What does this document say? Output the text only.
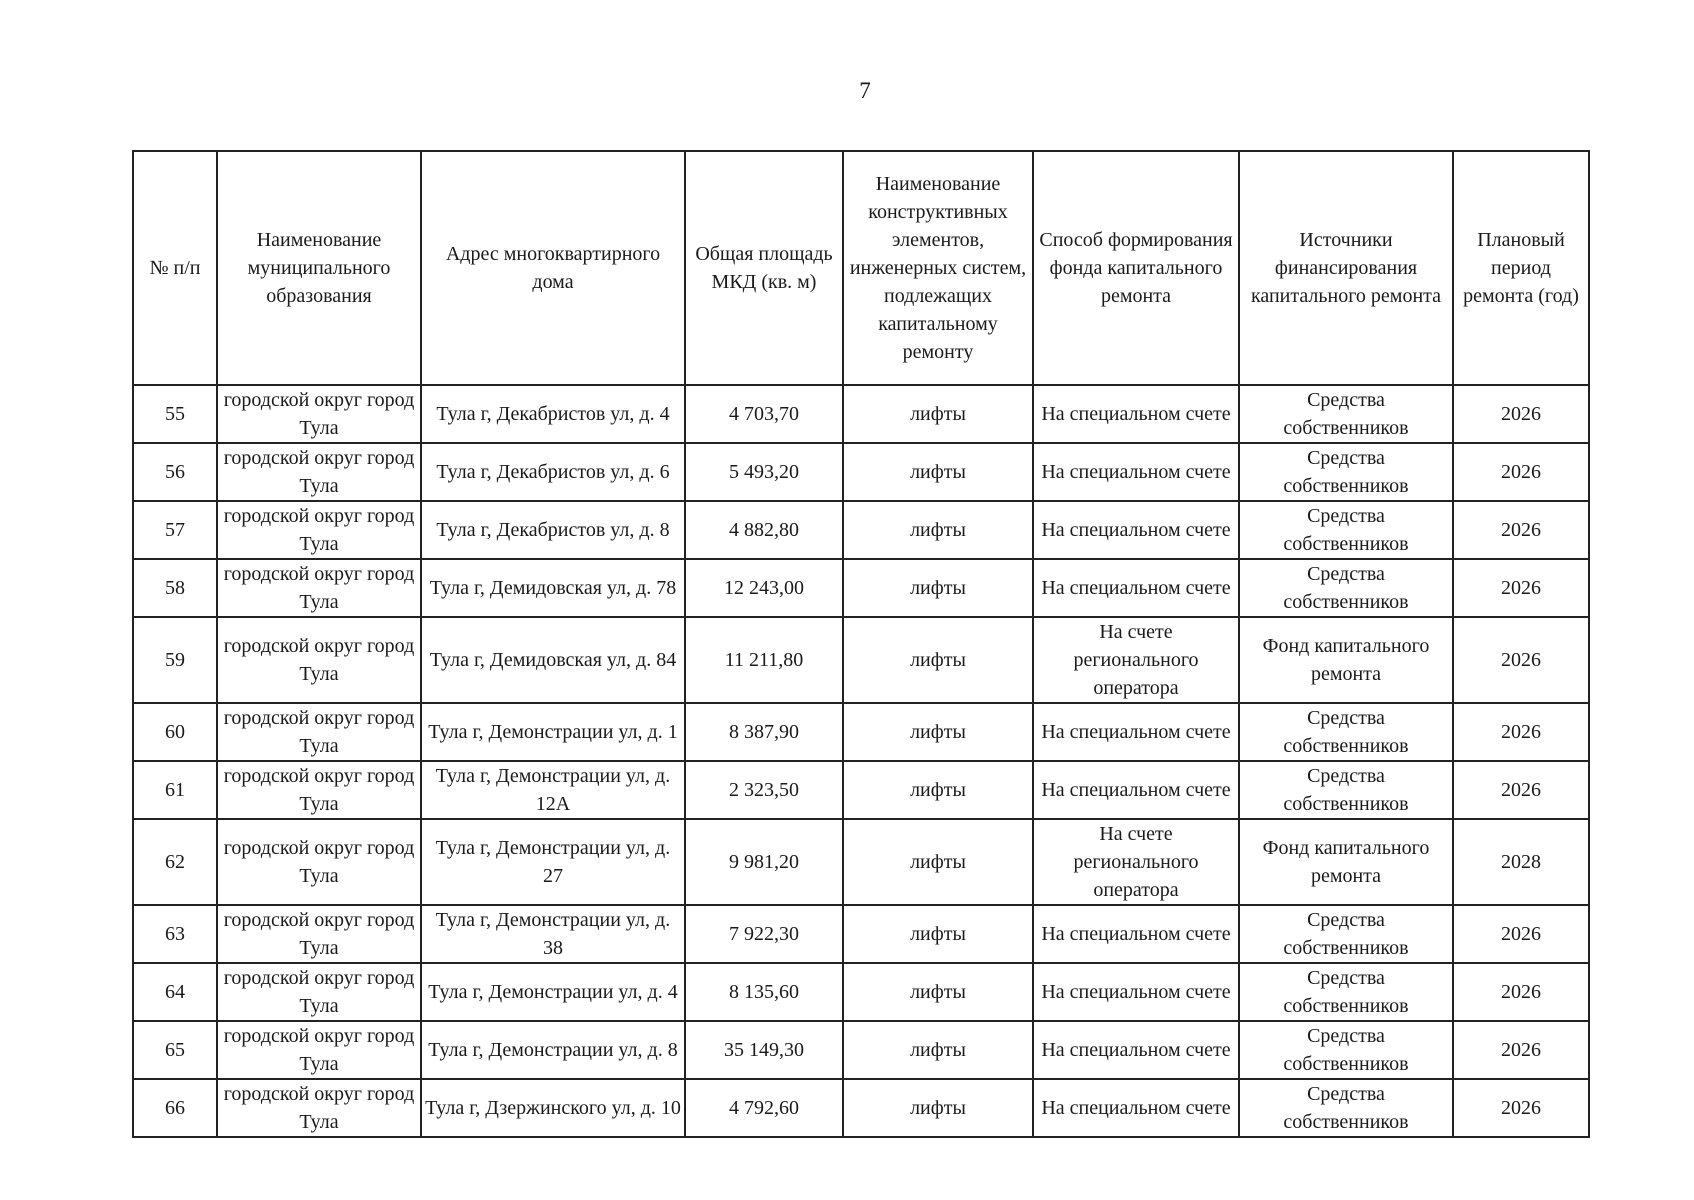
7
№ п/п	Наименование муниципального образования	Адрес многоквартирного дома	Общая площадь МКД (кв. м)	Наименование конструктивных элементов, инженерных систем, подлежащих капитальному ремонту	Способ формирования фонда капитального ремонта	Источники финансирования капитального ремонта	Плановый период ремонта (год)
55	городской округ город Тула	Тула г, Декабристов ул, д. 4	4 703,70	лифты	На специальном счете	Средства собственников	2026
56	городской округ город Тула	Тула г, Декабристов ул, д. 6	5 493,20	лифты	На специальном счете	Средства собственников	2026
57	городской округ город Тула	Тула г, Декабристов ул, д. 8	4 882,80	лифты	На специальном счете	Средства собственников	2026
58	городской округ город Тула	Тула г, Демидовская ул, д. 78	12 243,00	лифты	На специальном счете	Средства собственников	2026
59	городской округ город Тула	Тула г, Демидовская ул, д. 84	11 211,80	лифты	На счете регионального оператора	Фонд капитального ремонта	2026
60	городской округ город Тула	Тула г, Демонстрации ул, д. 1	8 387,90	лифты	На специальном счете	Средства собственников	2026
61	городской округ город Тула	Тула г, Демонстрации ул, д. 12А	2 323,50	лифты	На специальном счете	Средства собственников	2026
62	городской округ город Тула	Тула г, Демонстрации ул, д. 27	9 981,20	лифты	На счете регионального оператора	Фонд капитального ремонта	2028
63	городской округ город Тула	Тула г, Демонстрации ул, д. 38	7 922,30	лифты	На специальном счете	Средства собственников	2026
64	городской округ город Тула	Тула г, Демонстрации ул, д. 4	8 135,60	лифты	На специальном счете	Средства собственников	2026
65	городской округ город Тула	Тула г, Демонстрации ул, д. 8	35 149,30	лифты	На специальном счете	Средства собственников	2026
66	городской округ город Тула	Тула г, Дзержинского ул, д. 10	4 792,60	лифты	На специальном счете	Средства собственников	2026
